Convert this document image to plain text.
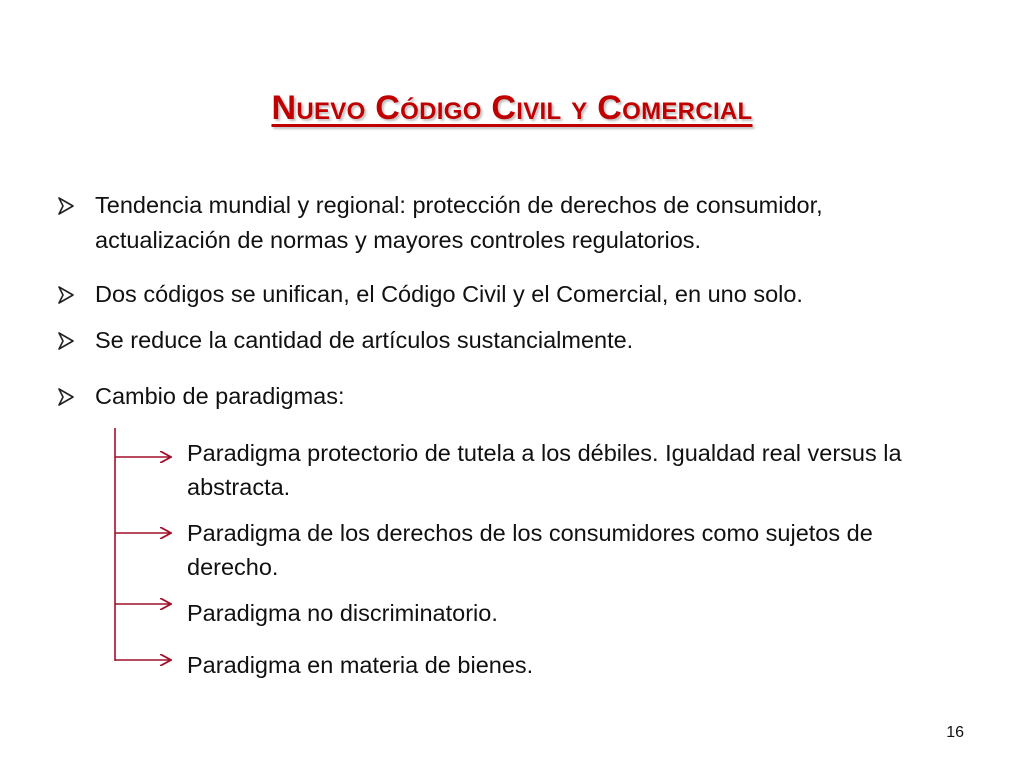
Nuevo Código Civil y Comercial
Tendencia mundial y regional: protección de derechos de consumidor, actualización de normas y mayores controles regulatorios.
Dos códigos se unifican, el Código Civil y el Comercial, en uno solo.
Se reduce la cantidad de artículos sustancialmente.
Cambio de paradigmas:
Paradigma protectorio de tutela a los débiles. Igualdad real versus la abstracta.
Paradigma de los derechos de los consumidores como sujetos de derecho.
Paradigma no discriminatorio.
Paradigma en materia de bienes.
16
